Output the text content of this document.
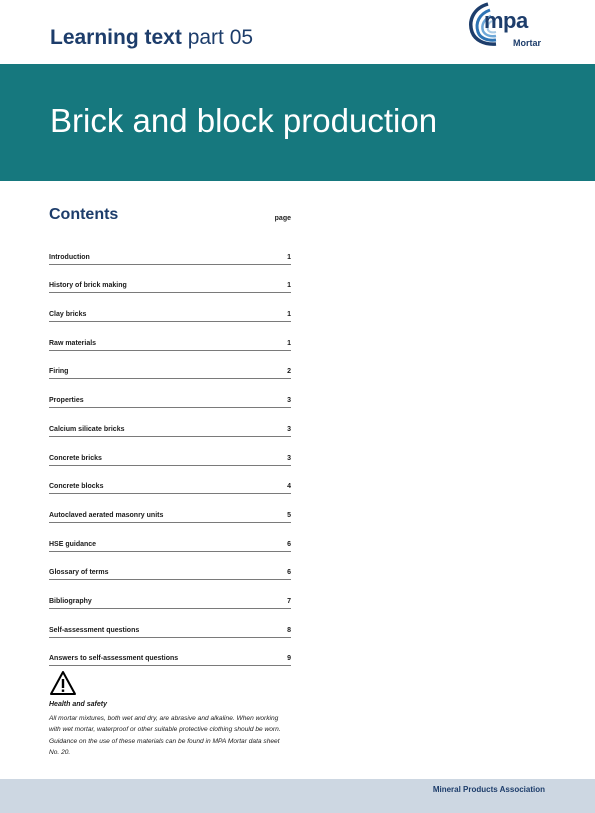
Learning text part 05
mpa
Mortar
Brick and block production
Contents	page
Introduction	1
History of brick making	1
Clay bricks	1
Raw materials	1
Firing	2
Properties	3
Calcium silicate bricks	3
Concrete bricks	3
Concrete blocks	4
Autoclaved aerated masonry units	5
HSE guidance	6
Glossary of terms	6
Bibliography	7
Self-assessment questions	8
Answers to self-assessment questions	9
Health and safety
All mortar mixtures, both wet and dry, are abrasive and alkaline. When working with wet mortar, waterproof or other suitable protective clothing should be worn. Guidance on the use of these materials can be found in MPA Mortar data sheet No. 20.
Mineral Products Association
